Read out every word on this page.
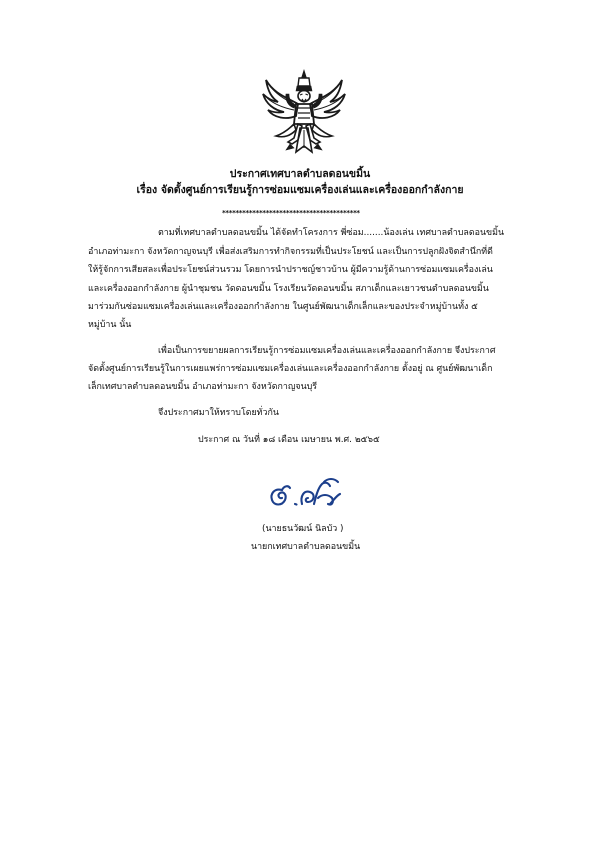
ประกาศเทศบาลตำบลดอนขมิ้น
เรื่อง จัดตั้งศูนย์การเรียนรู้การซ่อมแซมเครื่องเล่นและเครื่องออกกำลังกาย
*****************************************
ตามที่เทศบาลตำบลดอนขมิ้น ได้จัดทำโครงการ พี่ซ่อม.......น้องเล่น เทศบาลตำบลดอนขมิ้น
อำเภอท่ามะกา จังหวัดกาญจนบุรี เพื่อส่งเสริมการทำกิจกรรมที่เป็นประโยชน์ และเป็นการปลูกฝังจิตสำนึกที่ดี
ให้รู้จักการเสียสละเพื่อประโยชน์ส่วนรวม โดยการนำปราชญ์ชาวบ้าน ผู้มีความรู้ด้านการซ่อมแซมเครื่องเล่น
และเครื่องออกกำลังกาย ผู้นำชุมชน วัดดอนขมิ้น โรงเรียนวัดดอนขมิ้น สภาเด็กและเยาวชนตำบลดอนขมิ้น
มาร่วมกันซ่อมแซมเครื่องเล่นและเครื่องออกกำลังกาย ในศูนย์พัฒนาเด็กเล็กและของประจำหมู่บ้านทั้ง ๕
หมู่บ้าน นั้น
เพื่อเป็นการขยายผลการเรียนรู้การซ่อมแซมเครื่องเล่นและเครื่องออกกำลังกาย จึงประกาศ
จัดตั้งศูนย์การเรียนรู้ในการเผยแพร่การซ่อมแซมเครื่องเล่นและเครื่องออกกำลังกาย ตั้งอยู่ ณ ศูนย์พัฒนาเด็ก
เล็กเทศบาลตำบลดอนขมิ้น อำเภอท่ามะกา จังหวัดกาญจนบุรี
จึงประกาศมาให้ทราบโดยทั่วกัน
ประกาศ ณ วันที่ ๑๘ เดือน เมษายน พ.ศ. ๒๕๖๕
(นายธนวัฒน์ นิลบัว )
นายกเทศบาลตำบลดอนขมิ้น
